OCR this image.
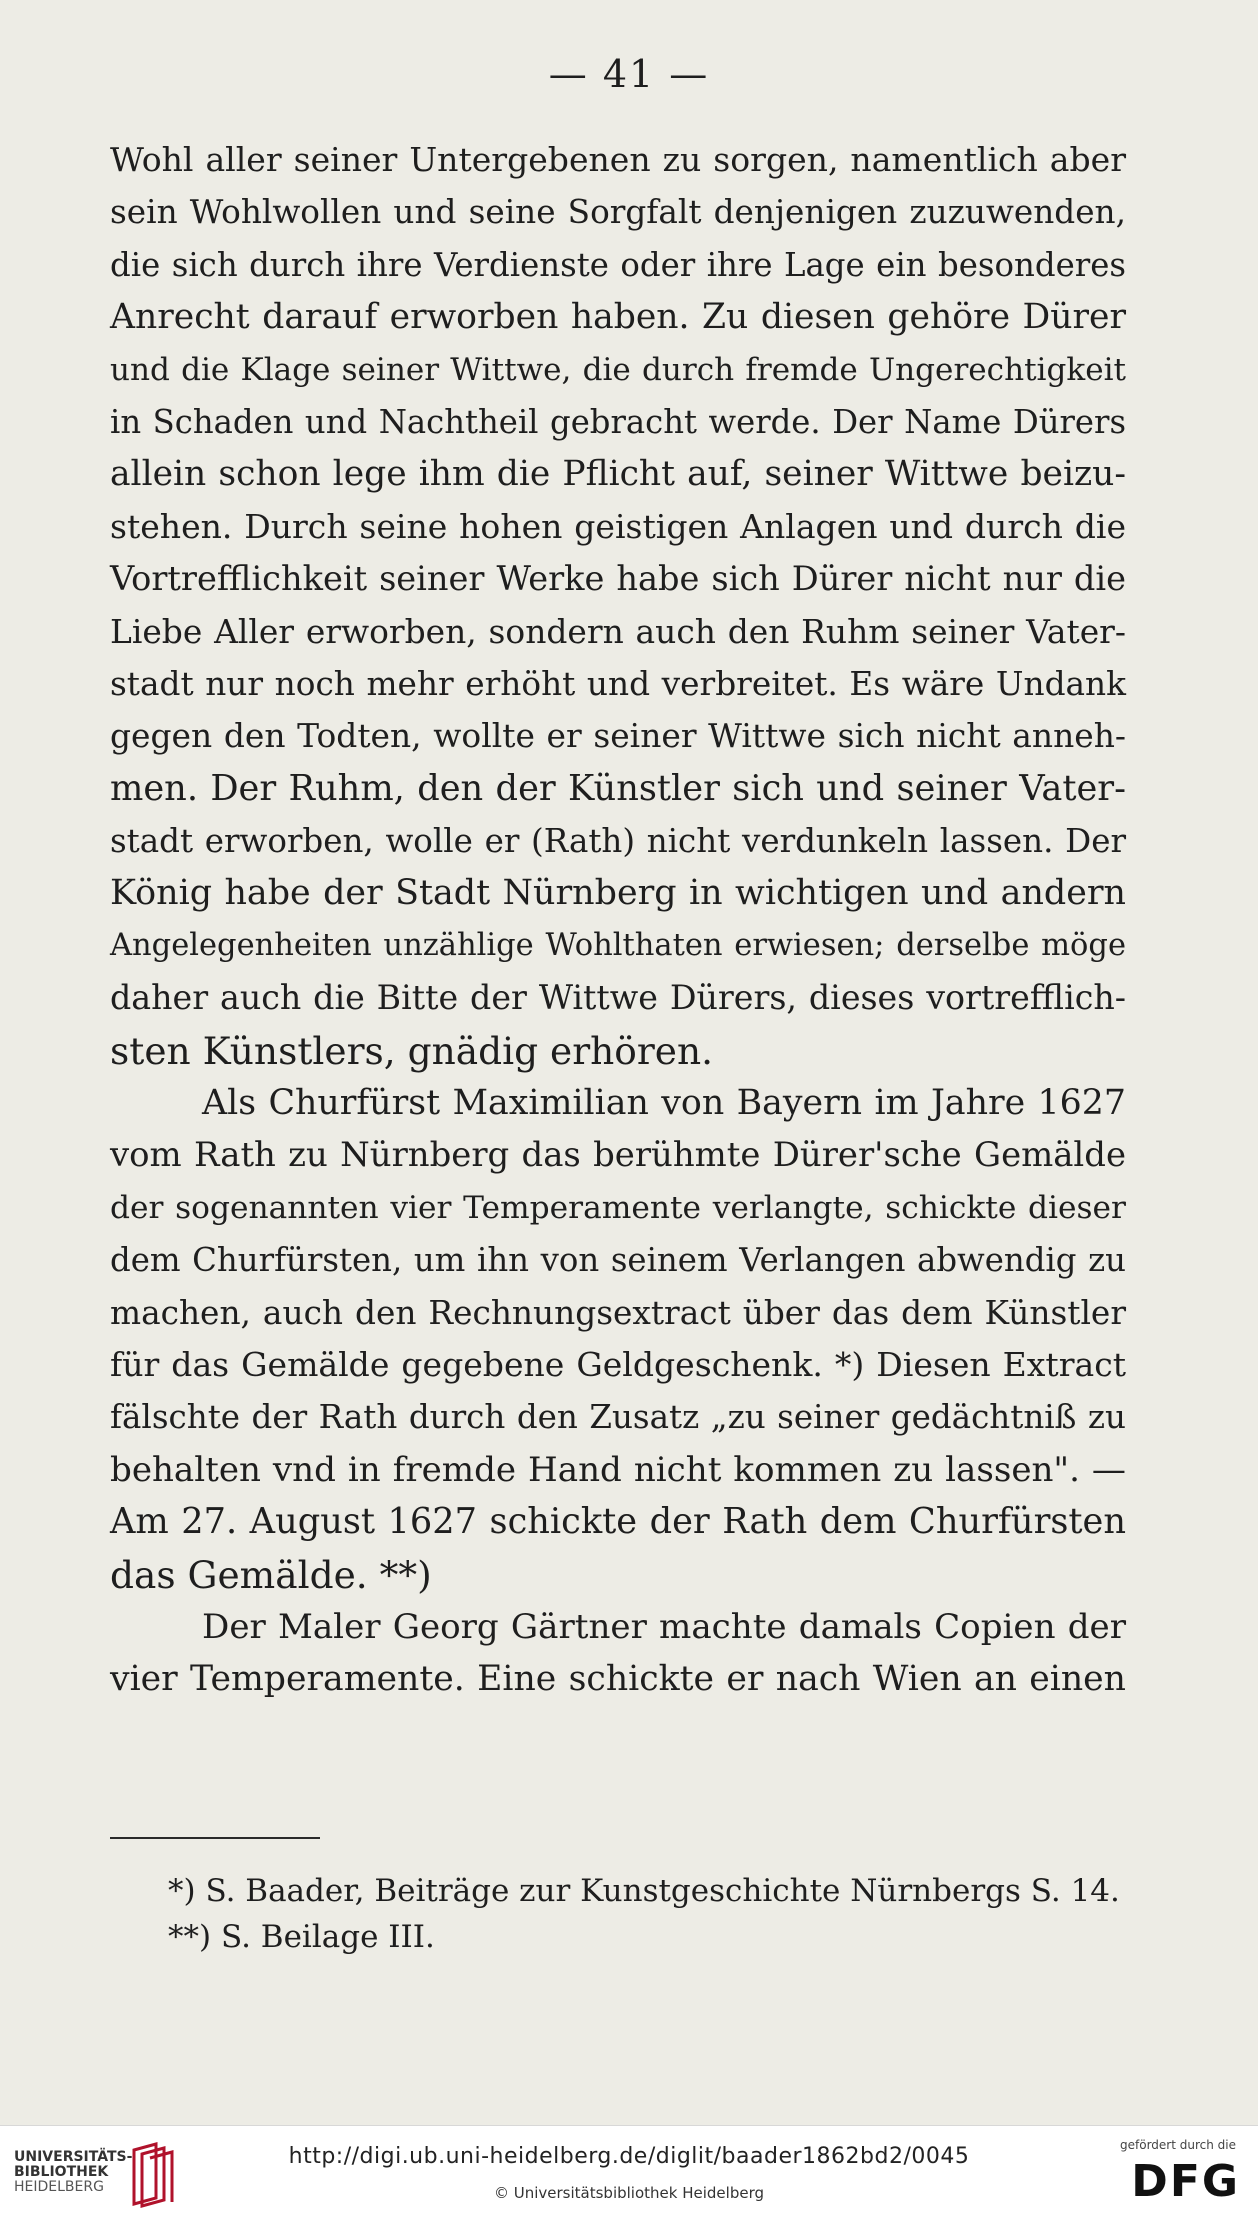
— 41 —
Wohl aller seiner Untergebenen zu sorgen, namentlich aber
sein Wohlwollen und seine Sorgfalt denjenigen zuzuwenden,
die sich durch ihre Verdienste oder ihre Lage ein besonderes
Anrecht darauf erworben haben. Zu diesen gehöre Dürer
und die Klage seiner Wittwe, die durch fremde Ungerechtigkeit
in Schaden und Nachtheil gebracht werde. Der Name Dürers
allein schon lege ihm die Pflicht auf, seiner Wittwe beizu-
stehen. Durch seine hohen geistigen Anlagen und durch die
Vortrefflichkeit seiner Werke habe sich Dürer nicht nur die
Liebe Aller erworben, sondern auch den Ruhm seiner Vater-
stadt nur noch mehr erhöht und verbreitet. Es wäre Undank
gegen den Todten, wollte er seiner Wittwe sich nicht anneh-
men. Der Ruhm, den der Künstler sich und seiner Vater-
stadt erworben, wolle er (Rath) nicht verdunkeln lassen. Der
König habe der Stadt Nürnberg in wichtigen und andern
Angelegenheiten unzählige Wohlthaten erwiesen; derselbe möge
daher auch die Bitte der Wittwe Dürers, dieses vortrefflich-
sten Künstlers, gnädig erhören.
Als Churfürst Maximilian von Bayern im Jahre 1627
vom Rath zu Nürnberg das berühmte Dürer'sche Gemälde
der sogenannten vier Temperamente verlangte, schickte dieser
dem Churfürsten, um ihn von seinem Verlangen abwendig zu
machen, auch den Rechnungsextract über das dem Künstler
für das Gemälde gegebene Geldgeschenk. *) Diesen Extract
fälschte der Rath durch den Zusatz „zu seiner gedächtniß zu
behalten vnd in fremde Hand nicht kommen zu lassen". —
Am 27. August 1627 schickte der Rath dem Churfürsten
das Gemälde. **)
Der Maler Georg Gärtner machte damals Copien der
vier Temperamente. Eine schickte er nach Wien an einen
*) S. Baader, Beiträge zur Kunstgeschichte Nürnbergs S. 14.
**) S. Beilage III.
UNIVERSITÄTS-
BIBLIOTHEK
HEIDELBERG
http://digi.ub.uni-heidelberg.de/diglit/baader1862bd2/0045
© Universitätsbibliothek Heidelberg
gefördert durch die
DFG
